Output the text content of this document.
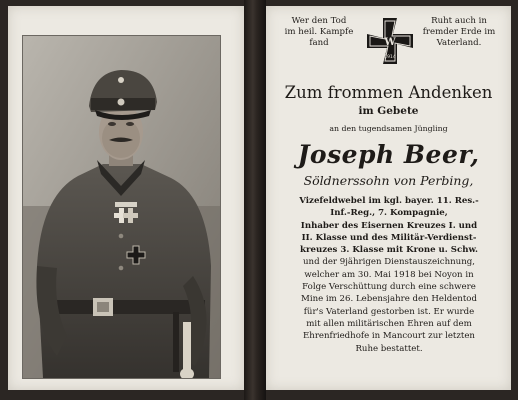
Wer den Tod
im heil. Kampfe
fand	W
1914
Ruht auch in
fremder Erde im
Vaterland.
Zum frommen Andenken
im Gebete
an den tugendsamen Jüngling
Joseph Beer,
Söldnerssohn von Perbing,
Vizefeldwebel im kgl. bayer. 11. Res.-
Inf.-Reg., 7. Kompagnie,
Inhaber des Eisernen Kreuzes I. und
II. Klasse und des Militär-Verdienst-
kreuzes 3. Klasse mit Krone u. Schw.
und der 9jährigen Dienstauszeichnung,
welcher am 30. Mai 1918 bei Noyon in
Folge Verschüttung durch eine schwere
Mine im 26. Lebensjahre den Heldentod
für's Vaterland gestorben ist. Er wurde
mit allen militärischen Ehren auf dem
Ehrenfriedhofe in Mancourt zur letzten
Ruhe bestattet.
